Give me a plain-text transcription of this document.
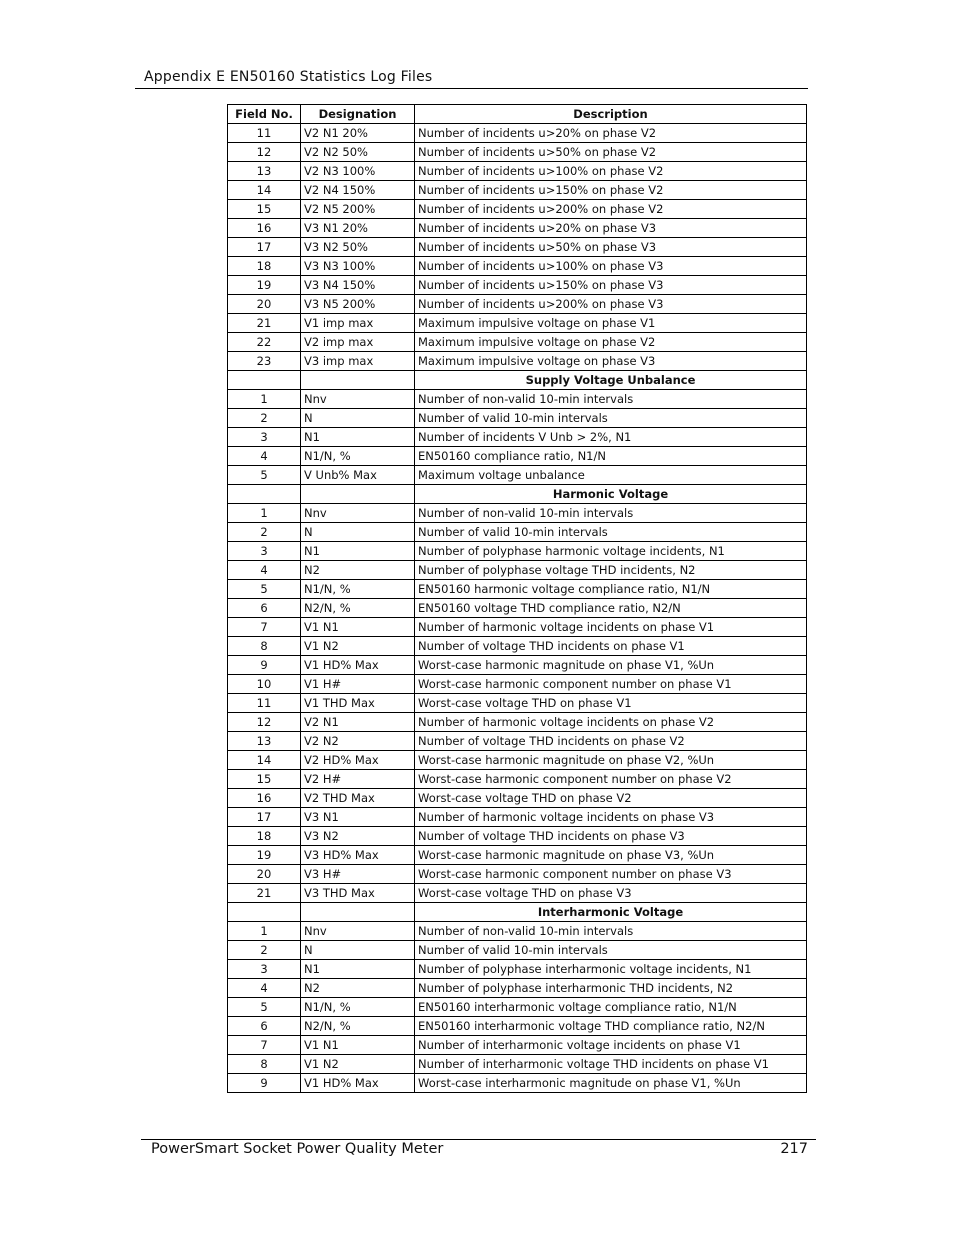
Appendix E EN50160 Statistics Log Files
Field No.	Designation	Description
11	V2 N1 20%	Number of incidents u>20% on phase V2
12	V2 N2 50%	Number of incidents u>50% on phase V2
13	V2 N3 100%	Number of incidents u>100% on phase V2
14	V2 N4 150%	Number of incidents u>150% on phase V2
15	V2 N5 200%	Number of incidents u>200% on phase V2
16	V3 N1 20%	Number of incidents u>20% on phase V3
17	V3 N2 50%	Number of incidents u>50% on phase V3
18	V3 N3 100%	Number of incidents u>100% on phase V3
19	V3 N4 150%	Number of incidents u>150% on phase V3
20	V3 N5 200%	Number of incidents u>200% on phase V3
21	V1 imp max	Maximum impulsive voltage on phase V1
22	V2 imp max	Maximum impulsive voltage on phase V2
23	V3 imp max	Maximum impulsive voltage on phase V3
		Supply Voltage Unbalance
1	Nnv	Number of non-valid 10-min intervals
2	N	Number of valid 10-min intervals
3	N1	Number of incidents V Unb > 2%, N1
4	N1/N, %	EN50160 compliance ratio, N1/N
5	V Unb% Max	Maximum voltage unbalance
		Harmonic Voltage
1	Nnv	Number of non-valid 10-min intervals
2	N	Number of valid 10-min intervals
3	N1	Number of polyphase harmonic voltage incidents, N1
4	N2	Number of polyphase voltage THD incidents, N2
5	N1/N, %	EN50160 harmonic voltage compliance ratio, N1/N
6	N2/N, %	EN50160 voltage THD compliance ratio, N2/N
7	V1 N1	Number of harmonic voltage incidents on phase V1
8	V1 N2	Number of voltage THD incidents on phase V1
9	V1 HD% Max	Worst-case harmonic magnitude on phase V1, %Un
10	V1 H#	Worst-case harmonic component number on phase V1
11	V1 THD Max	Worst-case voltage THD on phase V1
12	V2 N1	Number of harmonic voltage incidents on phase V2
13	V2 N2	Number of voltage THD incidents on phase V2
14	V2 HD% Max	Worst-case harmonic magnitude on phase V2, %Un
15	V2 H#	Worst-case harmonic component number on phase V2
16	V2 THD Max	Worst-case voltage THD on phase V2
17	V3 N1	Number of harmonic voltage incidents on phase V3
18	V3 N2	Number of voltage THD incidents on phase V3
19	V3 HD% Max	Worst-case harmonic magnitude on phase V3, %Un
20	V3 H#	Worst-case harmonic component number on phase V3
21	V3 THD Max	Worst-case voltage THD on phase V3
		Interharmonic Voltage
1	Nnv	Number of non-valid 10-min intervals
2	N	Number of valid 10-min intervals
3	N1	Number of polyphase interharmonic voltage incidents, N1
4	N2	Number of polyphase interharmonic THD incidents, N2
5	N1/N, %	EN50160 interharmonic voltage compliance ratio, N1/N
6	N2/N, %	EN50160 interharmonic voltage THD compliance ratio, N2/N
7	V1 N1	Number of interharmonic voltage incidents on phase V1
8	V1 N2	Number of interharmonic voltage THD incidents on phase V1
9	V1 HD% Max	Worst-case interharmonic magnitude on phase V1, %Un
PowerSmart Socket Power Quality Meter	217
